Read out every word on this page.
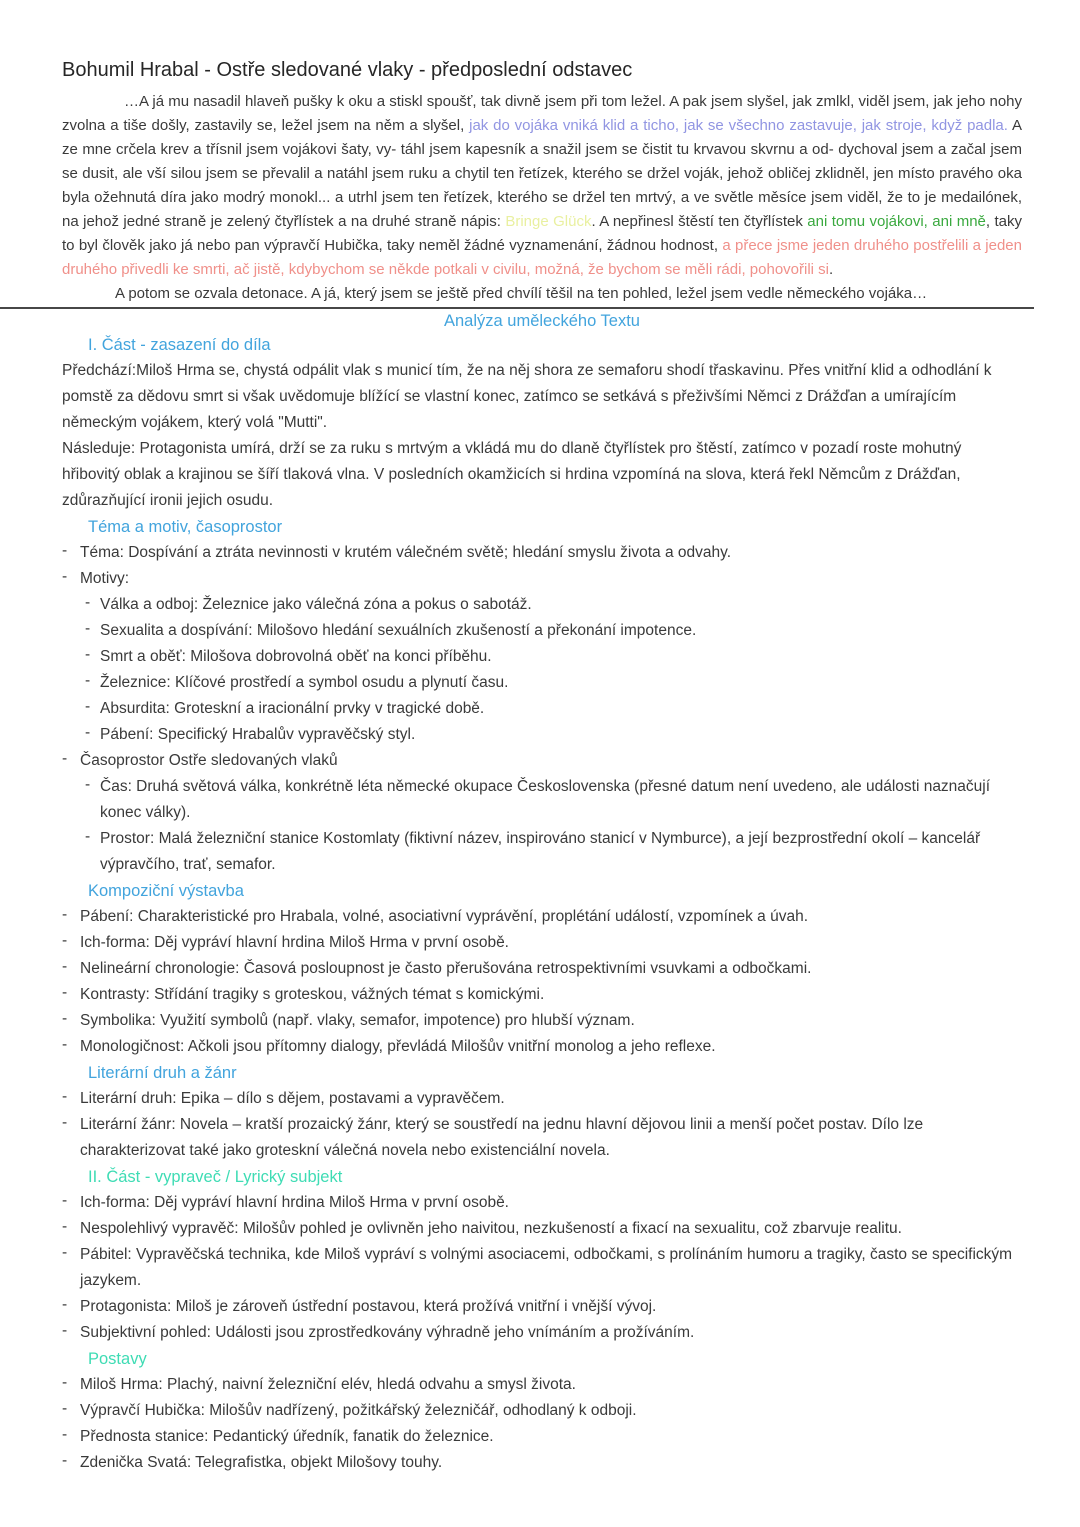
Bohumil Hrabal - Ostře sledované vlaky - předposlední odstavec

…A já mu nasadil hlaveň pušky k oku a stiskl spoušť, tak divně jsem při tom ležel. A pak jsem slyšel, jak zmlkl, viděl jsem, jak jeho nohy zvolna a tiše došly, zastavily se, ležel jsem na něm a slyšel, jak do vojáka vniká klid a ticho, jak se všechno zastavuje, jak stroje, když padla. A ze mne crčela krev a třísnil jsem vojákovi šaty, vy- táhl jsem kapesník a snažil jsem se čistit tu krvavou skvrnu a od- dychoval jsem a začal jsem se dusit, ale vší silou jsem se převalil a natáhl jsem ruku a chytil ten řetízek, kterého se držel voják, jehož obličej zklidněl, jen místo pravého oka byla ožehnutá díra jako modrý monokl... a utrhl jsem ten řetízek, kterého se držel ten mrtvý, a ve světle měsíce jsem viděl, že to je medailónek, na jehož jedné straně je zelený čtyřlístek a na druhé straně nápis: Bringe Glück. A nepřinesl štěstí ten čtyřlístek ani tomu vojákovi, ani mně, taky to byl člověk jako já nebo pan výpravčí Hubička, taky neměl žádné vyznamenání, žádnou hodnost, a přece jsme jeden druhého postřelili a jeden druhého přivedli ke smrti, ač jistě, kdybychom se někde potkali v civilu, možná, že bychom se měli rádi, pohovořili si.

A potom se ozvala detonace. A já, který jsem se ještě před chvílí těšil na ten pohled, ležel jsem vedle německého vojáka…

Analýza uměleckého Textu
I. Část - zasazení do díla

Předchází:Miloš Hrma se, chystá odpálit vlak s municí tím, že na něj shora ze semaforu shodí třaskavinu. Přes vnitřní klid a odhodlání k pomstě za dědovu smrt si však uvědomuje blížící se vlastní konec, zatímco se setkává s přeživšími Němci z Drážďan a umírajícím německým vojákem, který volá "Mutti".

Následuje: Protagonista umírá, drží se za ruku s mrtvým a vkládá mu do dlaně čtyřlístek pro štěstí, zatímco v pozadí roste mohutný hřibovitý oblak a krajinou se šíří tlaková vlna. V posledních okamžicích si hrdina vzpomíná na slova, která řekl Němcům z Drážďan, zdůrazňující ironii jejich osudu.

Téma a motiv, časoprostor
- Téma: Dospívání a ztráta nevinnosti v krutém válečném světě; hledání smyslu života a odvahy.
- Motivy:
- Válka a odboj: Železnice jako válečná zóna a pokus o sabotáž.
- Sexualita a dospívání: Milošovo hledání sexuálních zkušeností a překonání impotence.
- Smrt a oběť: Milošova dobrovolná oběť na konci příběhu.
- Železnice: Klíčové prostředí a symbol osudu a plynutí času.
- Absurdita: Groteskní a iracionální prvky v tragické době.
- Pábení: Specifický Hrabalův vypravěčský styl.
- Časoprostor Ostře sledovaných vlaků
- Čas: Druhá světová válka, konkrétně léta německé okupace Československa (přesné datum není uvedeno, ale události naznačují konec války).
- Prostor: Malá železniční stanice Kostomlaty (fiktivní název, inspirováno stanicí v Nymburce), a její bezprostřední okolí – kancelář výpravčího, trať, semafor.
Kompoziční výstavba
- Pábení: Charakteristické pro Hrabala, volné, asociativní vyprávění, proplétání událostí, vzpomínek a úvah.
- Ich-forma: Děj vypráví hlavní hrdina Miloš Hrma v první osobě.
- Nelineární chronologie: Časová posloupnost je často přerušována retrospektivními vsuvkami a odbočkami.
- Kontrasty: Střídání tragiky s groteskou, vážných témat s komickými.
- Symbolika: Využití symbolů (např. vlaky, semafor, impotence) pro hlubší význam.
- Monologičnost: Ačkoli jsou přítomny dialogy, převládá Milošův vnitřní monolog a jeho reflexe.
Literární druh a žánr
- Literární druh: Epika – dílo s dějem, postavami a vypravěčem.
- Literární žánr: Novela – kratší prozaický žánr, který se soustředí na jednu hlavní dějovou linii a menší počet postav. Dílo lze charakterizovat také jako groteskní válečná novela nebo existenciální novela.
II. Část - vypraveč / Lyrický subjekt
- Ich-forma: Děj vypráví hlavní hrdina Miloš Hrma v první osobě.
- Nespolehlivý vypravěč: Milošův pohled je ovlivněn jeho naivitou, nezkušeností a fixací na sexualitu, což zbarvuje realitu.
- Pábitel: Vypravěčská technika, kde Miloš vypráví s volnými asociacemi, odbočkami, s prolínáním humoru a tragiky, často se specifickým jazykem.
- Protagonista: Miloš je zároveň ústřední postavou, která prožívá vnitřní i vnější vývoj.
- Subjektivní pohled: Události jsou zprostředkovány výhradně jeho vnímáním a prožíváním.
Postavy
- Miloš Hrma: Plachý, naivní železniční elév, hledá odvahu a smysl života.
- Výpravčí Hubička: Milošův nadřízený, požitkářský železničář, odhodlaný k odboji.
- Přednosta stanice: Pedantický úředník, fanatik do železnice.
- Zdenička Svatá: Telegrafistka, objekt Milošovy touhy.
